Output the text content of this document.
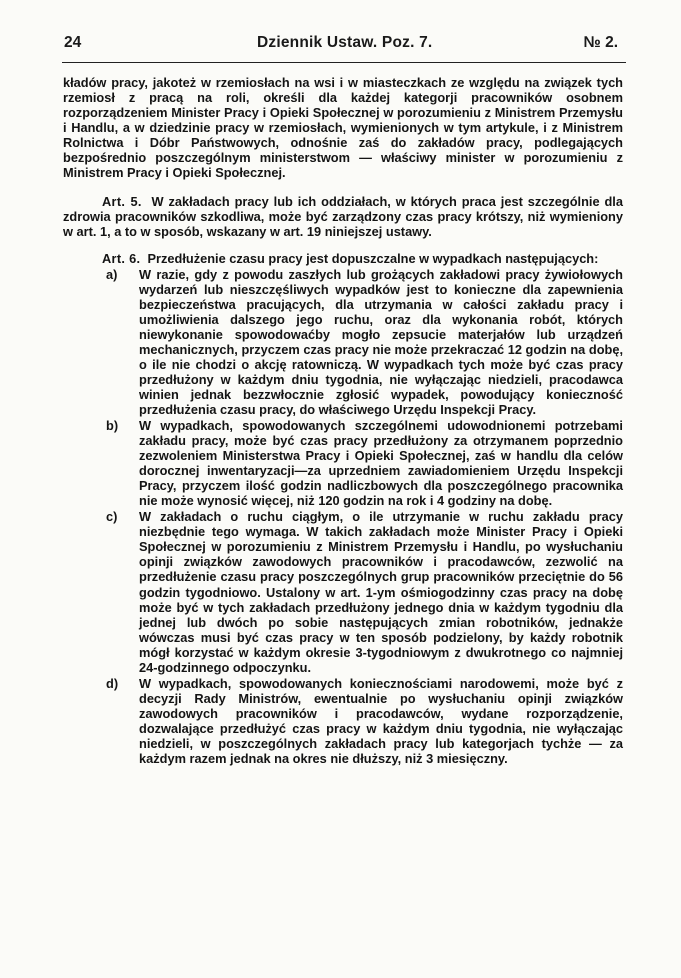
24	Dziennik Ustaw. Poz. 7.	№ 2.

kładów pracy, jakoteż w rzemiosłach na wsi i w miasteczkach ze względu na związek tych rzemiosł z pracą na roli, określi dla każdej kategorji pracowników osobnem rozporządzeniem Minister Pracy i Opieki Społecznej w porozumieniu z Ministrem Przemysłu i Handlu, a w dziedzinie pracy w rzemiosłach, wymienionych w tym artykule, i z Ministrem Rolnictwa i Dóbr Państwowych, odnośnie zaś do zakładów pracy, podlegających bezpośrednio poszczególnym ministerstwom — właściwy minister w porozumieniu z Ministrem Pracy i Opieki Społecznej.

Art. 5. W zakładach pracy lub ich oddziałach, w których praca jest szczególnie dla zdrowia pracowników szkodliwa, może być zarządzony czas pracy krótszy, niż wymieniony w art. 1, a to w sposób, wskazany w art. 19 niniejszej ustawy.

Art. 6. Przedłużenie czasu pracy jest dopuszczalne w wypadkach następujących:

a) W razie, gdy z powodu zaszłych lub grożących zakładowi pracy żywiołowych wydarzeń lub nieszczęśliwych wypadków jest to konieczne dla zapewnienia bezpieczeństwa pracujących, dla utrzymania w całości zakładu pracy i umożliwienia dalszego jego ruchu, oraz dla wykonania robót, których niewykonanie spowodowaćby mogło zepsucie materjałów lub urządzeń mechanicznych, przyczem czas pracy nie może przekraczać 12 godzin na dobę, o ile nie chodzi o akcję ratowniczą. W wypadkach tych może być czas pracy przedłużony w każdym dniu tygodnia, nie wyłączając niedzieli, pracodawca winien jednak bezzwłocznie zgłosić wypadek, powodujący konieczność przedłużenia czasu pracy, do właściwego Urzędu Inspekcji Pracy.
b) W wypadkach, spowodowanych szczególnemi udowodnionemi potrzebami zakładu pracy, może być czas pracy przedłużony za otrzymanem poprzednio zezwoleniem Ministerstwa Pracy i Opieki Społecznej, zaś w handlu dla celów dorocznej inwentaryzacji—za uprzedniem zawiadomieniem Urzędu Inspekcji Pracy, przyczem ilość godzin nadliczbowych dla poszczególnego pracownika nie może wynosić więcej, niż 120 godzin na rok i 4 godziny na dobę.
c) W zakładach o ruchu ciągłym, o ile utrzymanie w ruchu zakładu pracy niezbędnie tego wymaga. W takich zakładach może Minister Pracy i Opieki Społecznej w porozumieniu z Ministrem Przemysłu i Handlu, po wysłuchaniu opinji związków zawodowych pracowników i pracodawców, zezwolić na przedłużenie czasu pracy poszczególnych grup pracowników przeciętnie do 56 godzin tygodniowo. Ustalony w art. 1-ym ośmiogodzinny czas pracy na dobę może być w tych zakładach przedłużony jednego dnia w każdym tygodniu dla jednej lub dwóch po sobie następujących zmian robotników, jednakże wówczas musi być czas pracy w ten sposób podzielony, by każdy robotnik mógł korzystać w każdym okresie 3-tygodniowym z dwukrotnego co najmniej 24-godzinnego odpoczynku.
d) W wypadkach, spowodowanych koniecznościami narodowemi, może być z decyzji Rady Ministrów, ewentualnie po wysłuchaniu opinji związków zawodowych pracowników i pracodawców, wydane rozporządzenie, dozwalające przedłużyć czas pracy w każdym dniu tygodnia, nie wyłączając niedzieli, w poszczególnych zakładach pracy lub kategorjach tychże — za każdym razem jednak na okres nie dłuższy, niż 3 miesięczny.
